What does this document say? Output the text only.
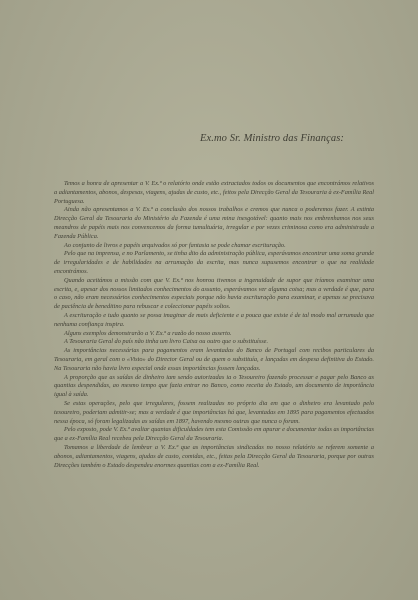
Ex.mo Sr. Ministro das Finanças:

Temos a honra de apresentar a V. Ex.ª o relatório onde estão extractados todos os documentos que encontrámos relativos a adiantamentos, abonos, despesas, viagens, ajudas de custo, etc., feitos pela Direcção Geral da Tesouraria à ex-Família Real Portuguesa.

Ainda não apresentamos a V. Ex.ª a conclusão dos nossos trabalhos e cremos que nunca o poderemos fazer. A extinta Direcção Geral da Tesouraria do Ministério da Fazenda é uma mina inesgotável: quanto mais nos embrenhamos nos seus meandros de papéis mais nos convencemos da forma tumultuária, irregular e por vezes criminosa como era administrada a Fazenda Pública.

Ao conjunto de livros e papéis arquivados só por fantasia se pode chamar escrituração.

Pelo que na imprensa, e no Parlamento, se tinha dito da administração pública, esperávamos encontrar uma soma grande de irregularidades e de habilidades na arrumação da escrita, mas nunca supusemos encontrar o que na realidade encontrámos.

Quando aceitámos a missão com que V. Ex.ª nos honrou tivemos a ingenuidade de supor que iríamos examinar uma escrita, e, apesar dos nossos limitados conhecimentos do assunto, esperávamos ver alguma coisa; mas a verdade é que, para o caso, não eram necessários conhecimentos especiais porque não havia escrituração para examinar, e apenas se precisava de paciência de beneditino para rebuscar e coleccionar papéis soltos.

A escrituração e tudo quanto se possa imaginar de mais deficiente e a pouca que existe é de tal modo mal arrumada que nenhuma confiança inspira.

Alguns exemplos demonstrarão a V. Ex.ª a razão do nosso asserto.

A Tesouraria Geral do país não tinha um livro Caixa ou outro que o substituísse.

As importâncias necessárias para pagamentos eram levantadas do Banco de Portugal com recibos particulares da Tesouraria, em geral com o «Visto» do Director Geral ou de quem o substituía, e lançadas em despesa definitiva do Estado. Na Tesouraria não havia livro especial onde essas importâncias fossem lançadas.

A proporção que as saídas de dinheiro iam sendo autorizadas ia o Tesoureiro fazendo processar e pagar pelo Banco as quantias despendidas, ao mesmo tempo que fazia entrar no Banco, como receita do Estado, um documento de importância igual à saída.

Se estas operações, pelo que irregulares, fossem realizadas no próprio dia em que o dinheiro era levantado pelo tesoureiro, poderiam admitir-se; mas a verdade é que importâncias há que, levantadas em 1895 para pagamentos efectuados nessa época, só foram legalizadas as saídas em 1897, havendo mesmo outras que nunca o foram.

Pelo exposto, pode V. Ex.ª avaliar quantas dificuldades tem esta Comissão em apurar e documentar todas as importâncias que a ex-Família Real recebeu pela Direcção Geral da Tesouraria.

Tomamos a liberdade de lembrar a V. Ex.ª que as importâncias sindicadas no nosso relatório se referem somente a abonos, adiantamentos, viagens, ajudas de custo, comidas, etc., feitas pela Direcção Geral da Tesouraria, porque por outras Direcções também o Estado despendeu enormes quantias com a ex-Família Real.
